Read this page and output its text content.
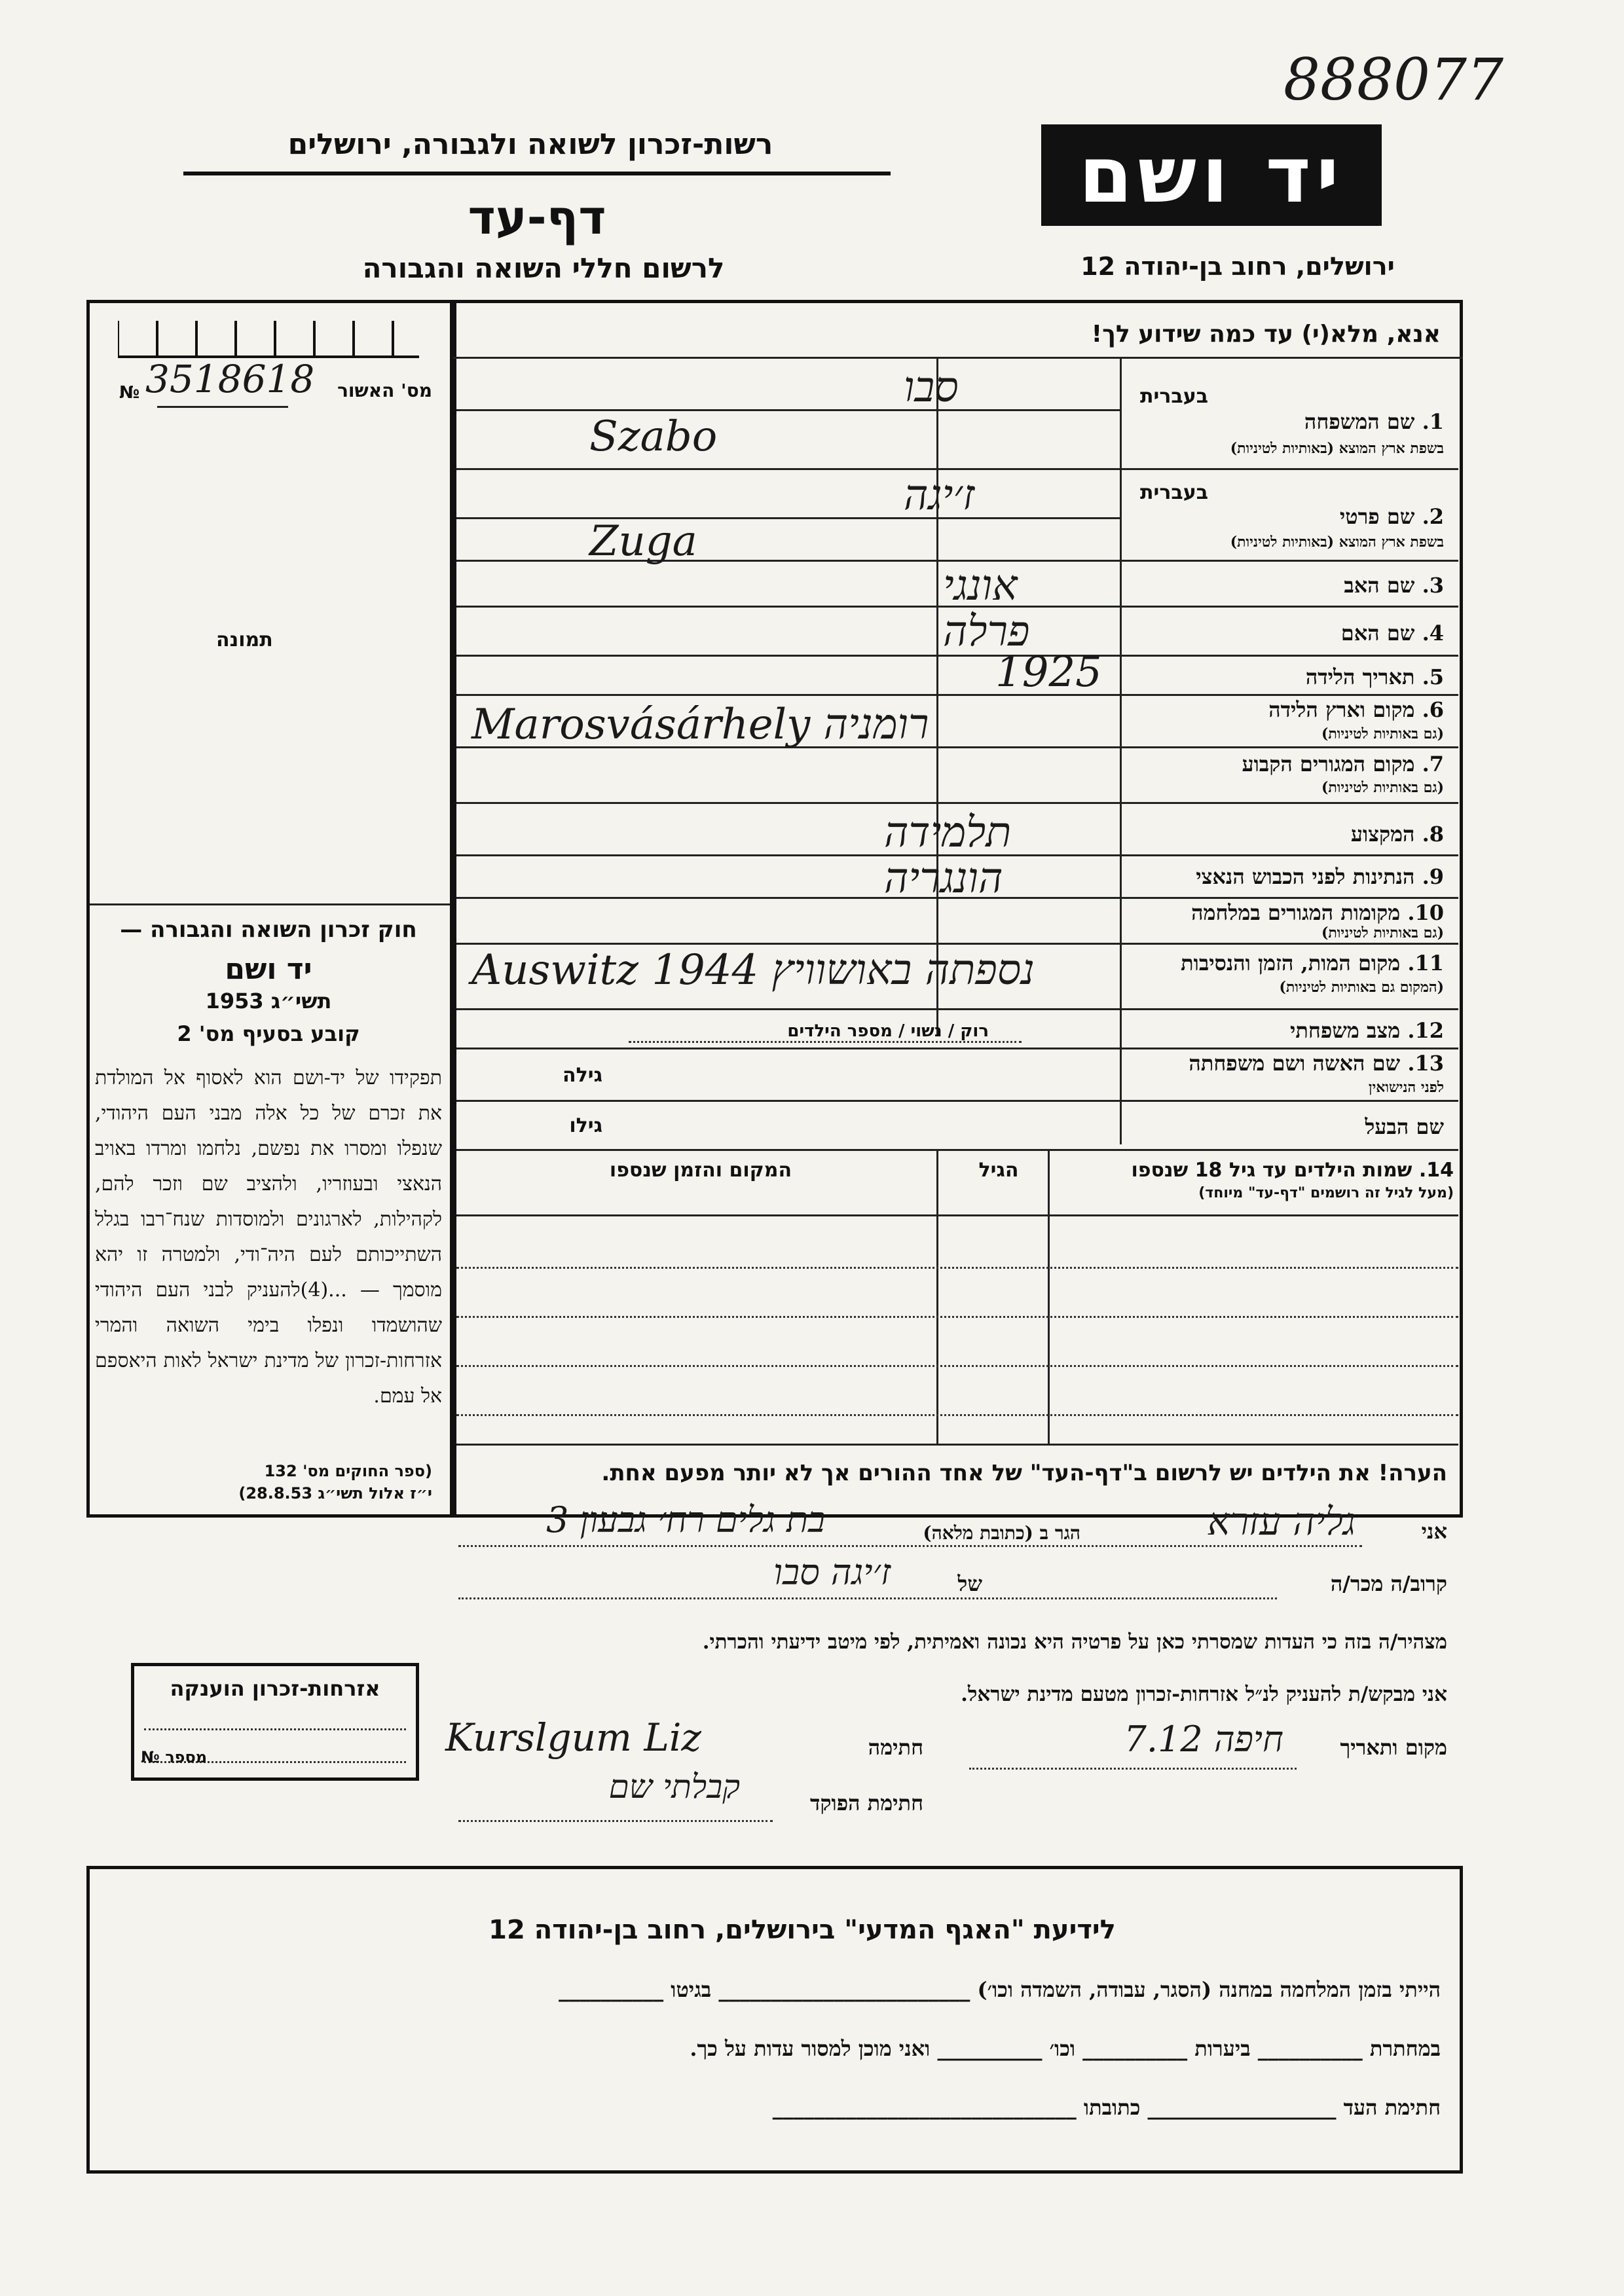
888077
יד ושם
רשות-זכרון לשואה ולגבורה, ירושלים
דף-עד
לרשום חללי השואה והגבורה	ירושלים, רחוב בן-יהודה 12
מס' האשור
№ 3518618
תמונה
חוק זכרון השואה והגבורה —
יד ושם
תשי״ג 1953
קובע בסעיף מס' 2
תפקידו של יד-ושם הוא לאסוף אל המולדת את זכרם של כל אלה מבני העם היהודי, שנפלו ומסרו את נפשם, נלחמו ומרדו באויב הנאצי ובעוזריו, ולהציב שם וזכר להם, לקהילות, לארגונים ולמוסדות שנח־רבו בגלל השתייכותם לעם היה־ודי, ולמטרה זו יהא מוסמך — ...(4)להעניק לבני העם היהודי שהושמדו ונפלו בימי השואה והמרי אזרחות-זכרון של מדינת ישראל לאות היאספם אל עמם.
(ספר החוקים מס' 132
י״ז אלול תשי״ג 28.8.53)
אנא, מלא(י) עד כמה שידוע לך!
בעברית
1. שם המשפחה
בשפת ארץ המוצא (באותיות לטיניות)
סבו
Szabo
בעברית
2. שם פרטי
בשפת ארץ המוצא (באותיות לטיניות)
ז׳יגה
Zuga
3. שם האב
אונגי
4. שם האם
פרלה
5. תאריך הלידה
1925
6. מקום וארץ הלידה
(גם באותיות לטיניות)
Marosvásárhely רומניה
7. מקום המגורים הקבוע
(גם באותיות לטיניות)
8. המקצוע
תלמידה
9. הנתינות לפני הכבוש הנאצי
הונגריה
10. מקומות המגורים במלחמה
(גם באותיות לטיניות)
11. מקום המות, הזמן והנסיבות
(המקום גם באותיות לטיניות)
Auswitz 1944 נספתה באושוויץ
12. מצב משפחתי
רוק / נשוי / מספר הילדים
13. שם האשה ושם משפחתה
לפני הנישואין
גילה
שם הבעל
גילו
14. שמות הילדים עד גיל 18 שנספו
(מעל לגיל זה רושמים "דף-עד" מיוחד)
הגיל
המקום והזמן שנספו
הערה! את הילדים יש לרשום ב"דף-העד" של אחד ההורים אך לא יותר מפעם אחת.
אני
גליה עזרא
הגר ב (כתובת מלאה)
בת גלים רח׳ גבעון 3
קרוב/ה מכר/ה
של
ז׳יגה סבו
מצהיר/ה בזה כי העדות שמסרתי כאן על פרטיה היא נכונה ואמיתית, לפי מיטב ידיעתי והכרתי.
אני מבקש/ת להעניק לנ״ל אזרחות-זכרון מטעם מדינת ישראל.
מקום ותאריך
חיפה 7.12
חתימה
Kurslgum Liz
חתימת הפוקד
קבלתי שם
אזרחות-זכרון הוענקה
№ מספר
לידיעת "האגף המדעי" בירושלים, רחוב בן-יהודה 12
הייתי בזמן המלחמה במחנה (הסגר, עבודה, השמדה וכו׳) ________________________ בגיטו __________
במחתרת __________ ביערות __________ וכו׳ __________ ואני מוכן למסור עדות על כך.
חתימת העד __________________ כתובתו _____________________________
